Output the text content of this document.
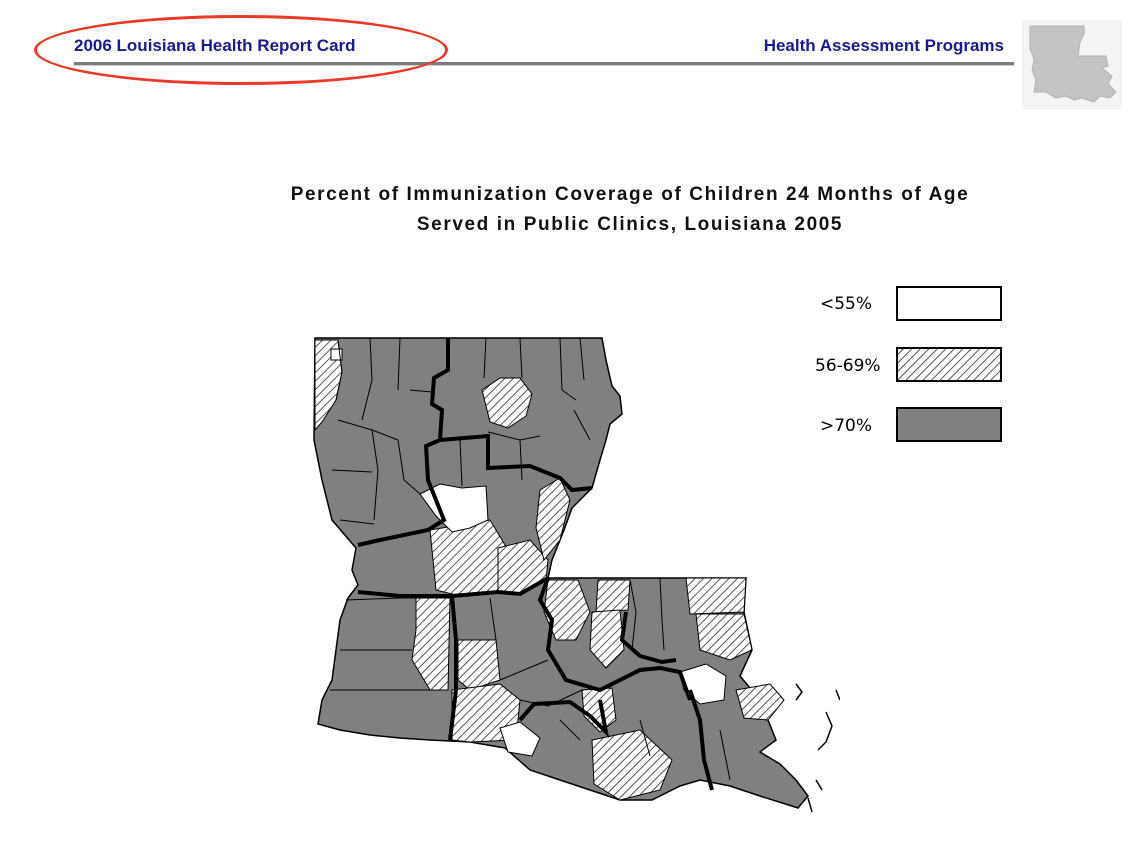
2006 Louisiana Health Report Card	Health Assessment Programs
Percent of Immunization Coverage of Children 24 Months of Age
Served in Public Clinics, Louisiana 2005
<55%
56-69%
>70%
